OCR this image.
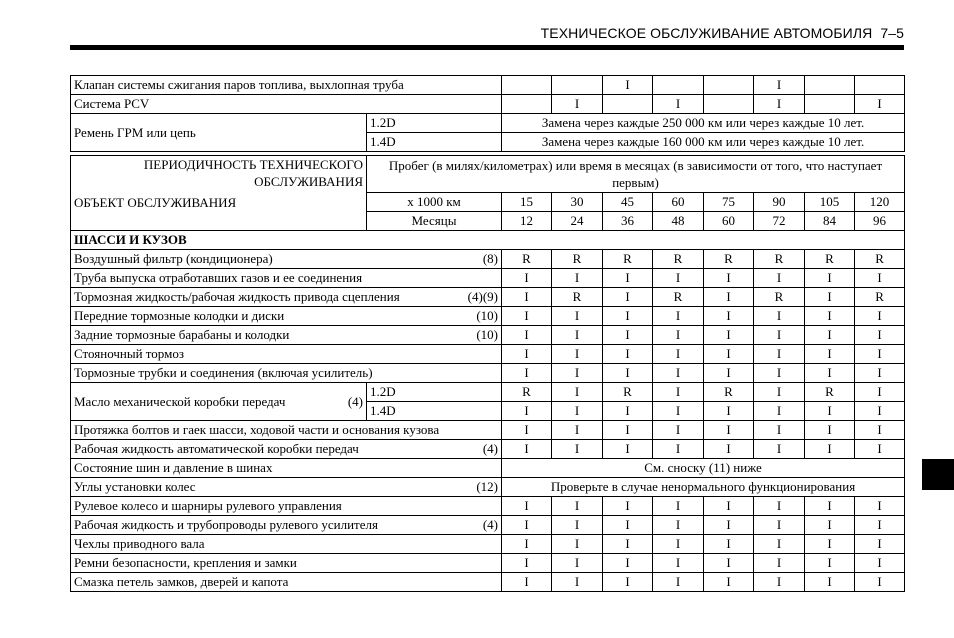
ТЕХНИЧЕСКОЕ ОБСЛУЖИВАНИЕ АВТОМОБИЛЯ 7–5
Клапан системы сжигания паров топлива, выхлопная труба				I			I		

Система PCV			I		I		I		I
Ремень ГРМ или цепь	1.2D	Замена через каждые 250 000 км или через каждые 10 лет.							
	1.4D	Замена через каждые 160 000 км или через каждые 10 лет.							
ПЕРИОДИЧНОСТЬ ТЕХНИЧЕСКОГО ОБСЛУЖИВАНИЯ
ОБЪЕКТ ОБСЛУЖИВАНИЯ	Пробег (в милях/километрах) или время в месяцах (в зависимости от того, что наступает первым)								
	x 1000 км	15	30	45	60	75	90	105	120
	Месяцы	12	24	36	48	60	72	84	96
ШАССИ И КУЗОВ									

Воздушный фильтр (кондиционера) (8)		R	R	R	R	R	R	R	R

Труба выпуска отработавших газов и ее соединения		I	I	I	I	I	I	I	I

Тормозная жидкость/рабочая жидкость привода сцепления (4)(9)		I	R	I	R	I	R	I	R

Передние тормозные колодки и диски (10)		I	I	I	I	I	I	I	I

Задние тормозные барабаны и колодки (10)		I	I	I	I	I	I	I	I

Стояночный тормоз		I	I	I	I	I	I	I	I

Тормозные трубки и соединения (включая усилитель)		I	I	I	I	I	I	I	I

Масло механической коробки передач (4)	1.2D	R	I	R	I	R	I	R	I
	1.4D	I	I	I	I	I	I	I	I

Протяжка болтов и гаек шасси, ходовой части и основания кузова		I	I	I	I	I	I	I	I

Рабочая жидкость автоматической коробки передач (4)		I	I	I	I	I	I	I	I

Состояние шин и давление в шинах		См. сноску (11) ниже							

Углы установки колес (12)		Проверьте в случае ненормального функционирования							

Рулевое колесо и шарниры рулевого управления		I	I	I	I	I	I	I	I

Рабочая жидкость и трубопроводы рулевого усилителя (4)		I	I	I	I	I	I	I	I

Чехлы приводного вала		I	I	I	I	I	I	I	I

Ремни безопасности, крепления и замки		I	I	I	I	I	I	I	I

Смазка петель замков, дверей и капота		I	I	I	I	I	I	I	I
